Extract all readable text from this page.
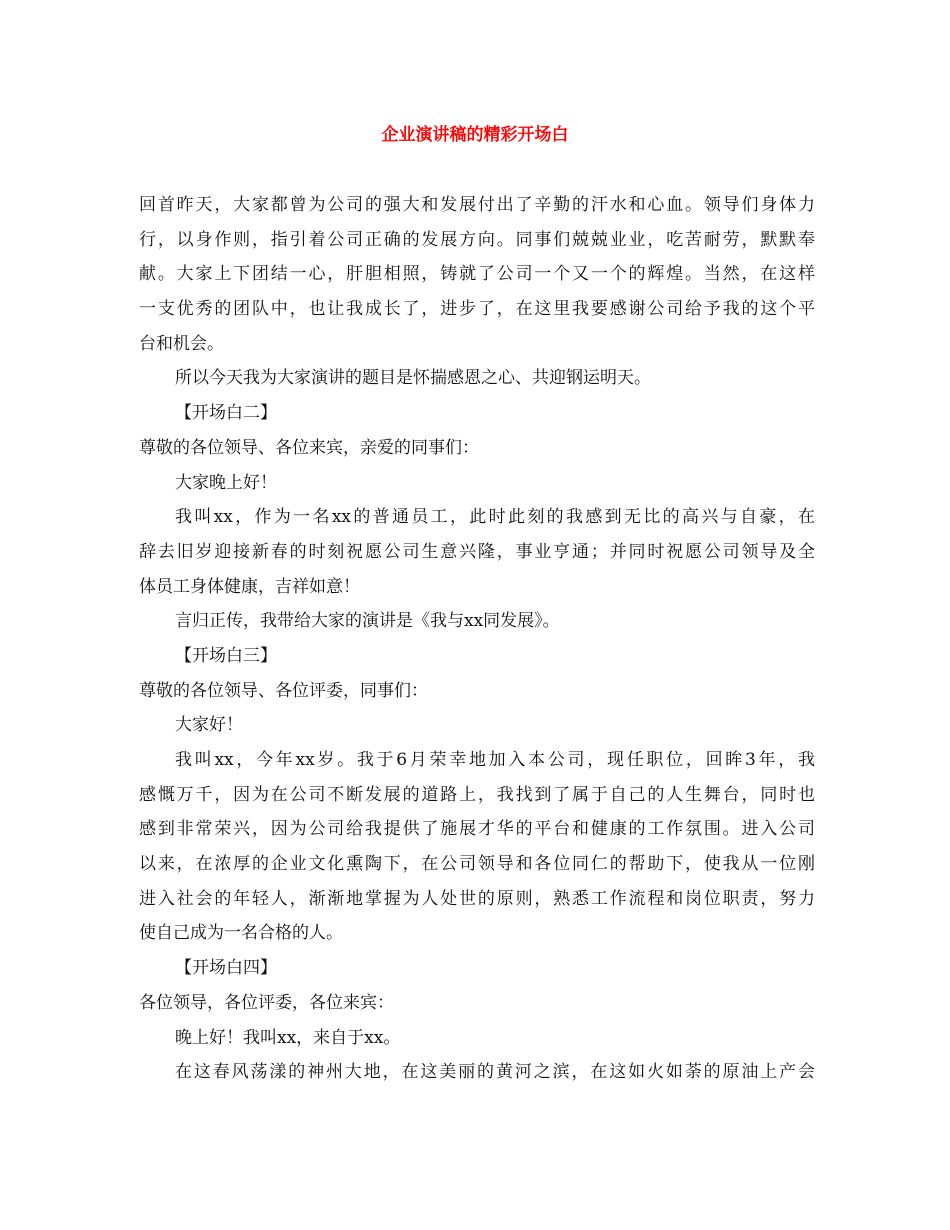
企业演讲稿的精彩开场白
回首昨天，大家都曾为公司的强大和发展付出了辛勤的汗水和心血。领导们身体力
行，以身作则，指引着公司正确的发展方向。同事们兢兢业业，吃苦耐劳，默默奉
献。大家上下团结一心，肝胆相照，铸就了公司一个又一个的辉煌。当然，在这样
一支优秀的团队中，也让我成长了，进步了，在这里我要感谢公司给予我的这个平
台和机会。
所以今天我为大家演讲的题目是怀揣感恩之心、共迎钢运明天。
【开场白二】
尊敬的各位领导、各位来宾，亲爱的同事们：
大家晚上好！
我叫xx，作为一名xx的普通员工，此时此刻的我感到无比的高兴与自豪，在
辞去旧岁迎接新春的时刻祝愿公司生意兴隆，事业亨通；并同时祝愿公司领导及全
体员工身体健康，吉祥如意！
言归正传，我带给大家的演讲是《我与xx同发展》。
【开场白三】
尊敬的各位领导、各位评委，同事们：
大家好！
我叫xx，今年xx岁。我于6月荣幸地加入本公司，现任职位，回眸3年，我
感慨万千，因为在公司不断发展的道路上，我找到了属于自己的人生舞台，同时也
感到非常荣兴，因为公司给我提供了施展才华的平台和健康的工作氛围。进入公司
以来，在浓厚的企业文化熏陶下，在公司领导和各位同仁的帮助下，使我从一位刚
进入社会的年轻人，渐渐地掌握为人处世的原则，熟悉工作流程和岗位职责，努力
使自己成为一名合格的人。
【开场白四】
各位领导，各位评委，各位来宾：
晚上好！我叫xx，来自于xx。
在这春风荡漾的神州大地，在这美丽的黄河之滨，在这如火如荼的原油上产会
